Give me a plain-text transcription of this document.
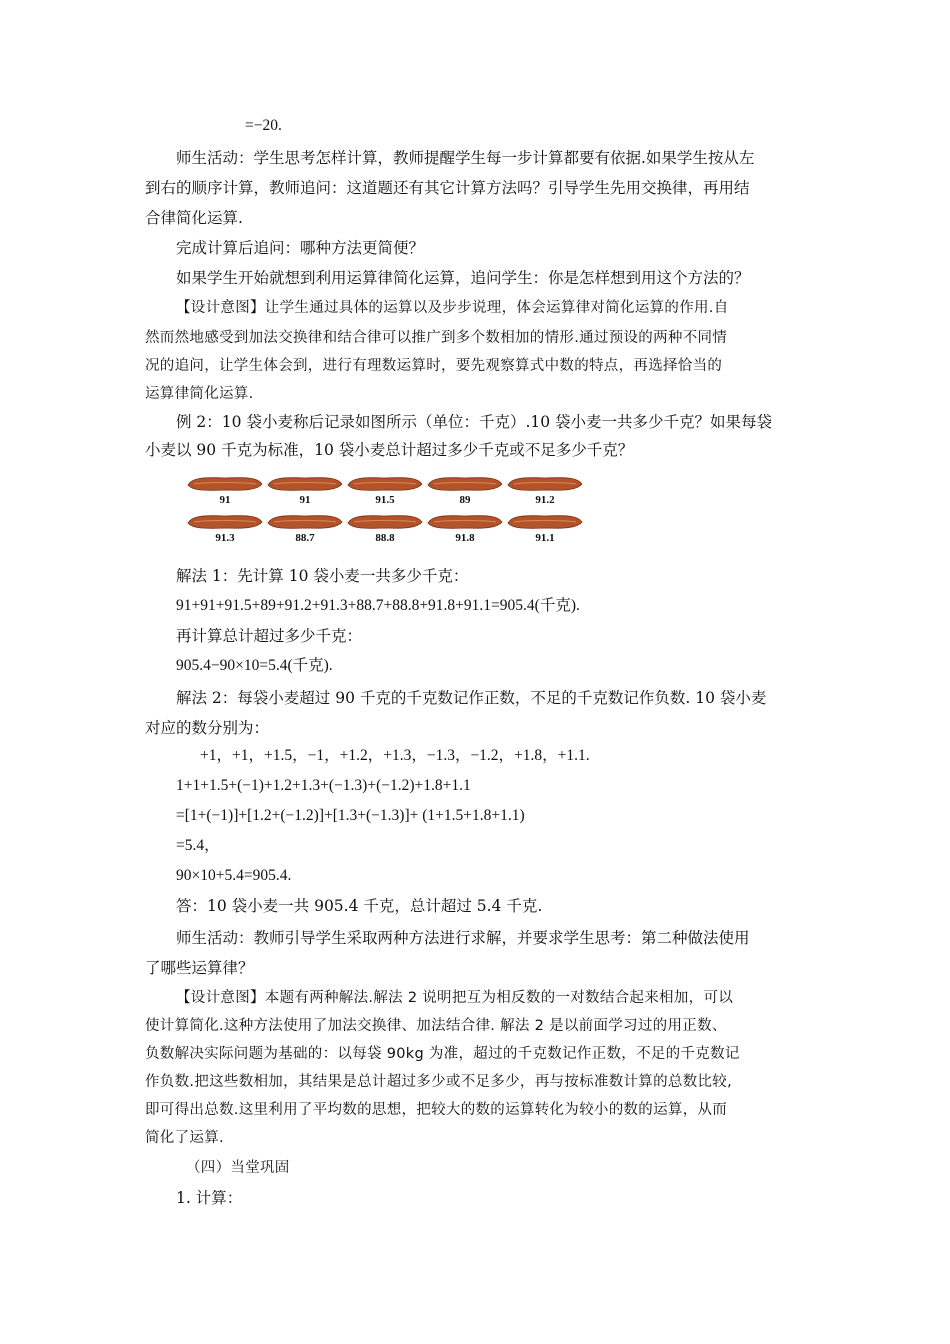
=−20.
师生活动：学生思考怎样计算，教师提醒学生每一步计算都要有依据.如果学生按从左
到右的顺序计算，教师追问：这道题还有其它计算方法吗？引导学生先用交换律，再用结
合律简化运算.
完成计算后追问：哪种方法更简便？
如果学生开始就想到利用运算律简化运算，追问学生：你是怎样想到用这个方法的？
【设计意图】让学生通过具体的运算以及步步说理，体会运算律对简化运算的作用.自
然而然地感受到加法交换律和结合律可以推广到多个数相加的情形.通过预设的两种不同情
况的追问，让学生体会到，进行有理数运算时，要先观察算式中数的特点，再选择恰当的
运算律简化运算.
例 2：10 袋小麦称后记录如图所示（单位：千克）.10 袋小麦一共多少千克？如果每袋
小麦以 90 千克为标准，10 袋小麦总计超过多少千克或不足多少千克？
91	91	91.5	89	91.2
91.3	88.7	88.8	91.8	91.1
解法 1：先计算 10 袋小麦一共多少千克：
91+91+91.5+89+91.2+91.3+88.7+88.8+91.8+91.1=905.4(千克).
再计算总计超过多少千克：
905.4−90×10=5.4(千克).
解法 2：每袋小麦超过 90 千克的千克数记作正数，不足的千克数记作负数. 10 袋小麦
对应的数分别为：
+1，+1，+1.5，−1，+1.2，+1.3，−1.3，−1.2，+1.8，+1.1.
1+1+1.5+(−1)+1.2+1.3+(−1.3)+(−1.2)+1.8+1.1
=[1+(−1)]+[1.2+(−1.2)]+[1.3+(−1.3)]+ (1+1.5+1.8+1.1)
=5.4，
90×10+5.4=905.4.
答：10 袋小麦一共 905.4 千克，总计超过 5.4 千克.
师生活动：教师引导学生采取两种方法进行求解，并要求学生思考：第二种做法使用
了哪些运算律？
【设计意图】本题有两种解法.解法 2 说明把互为相反数的一对数结合起来相加，可以
使计算简化.这种方法使用了加法交换律、加法结合律. 解法 2 是以前面学习过的用正数、
负数解决实际问题为基础的：以每袋 90kg 为准，超过的千克数记作正数，不足的千克数记
作负数.把这些数相加，其结果是总计超过多少或不足多少，再与按标准数计算的总数比较,
即可得出总数.这里利用了平均数的思想，把较大的数的运算转化为较小的数的运算，从而
简化了运算.
（四）当堂巩固
1. 计算：
